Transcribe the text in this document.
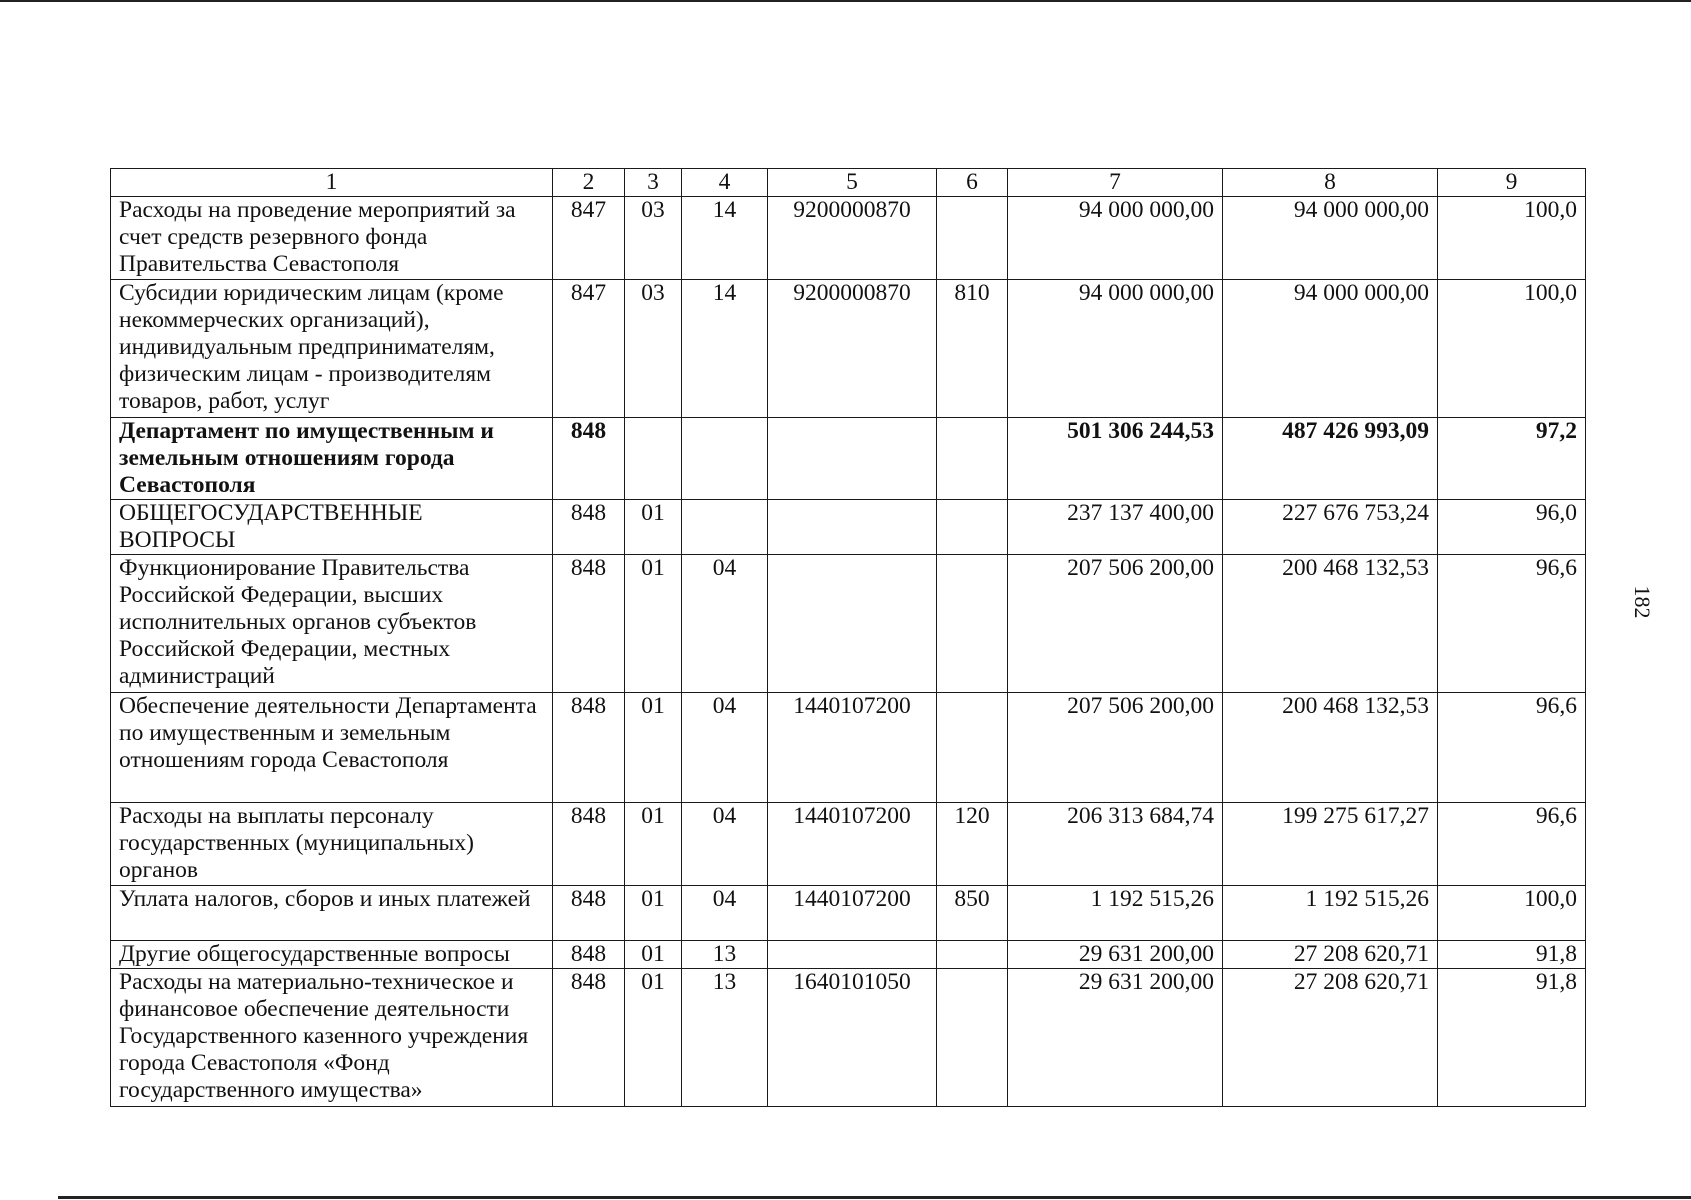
1	2	3	4	5	6	7	8	9
Расходы на проведение мероприятий за счет средств резервного фонда Правительства Севастополя	847	03	14	9200000870		94 000 000,00	94 000 000,00	100,0
Субсидии юридическим лицам (кроме некоммерческих организаций), индивидуальным предпринимателям, физическим лицам - производителям товаров, работ, услуг	847	03	14	9200000870	810	94 000 000,00	94 000 000,00	100,0
Департамент по имущественным и земельным отношениям города Севастополя	848					501 306 244,53	487 426 993,09	97,2
ОБЩЕГОСУДАРСТВЕННЫЕ ВОПРОСЫ	848	01				237 137 400,00	227 676 753,24	96,0
Функционирование Правительства Российской Федерации, высших исполнительных органов субъектов Российской Федерации, местных администраций	848	01	04			207 506 200,00	200 468 132,53	96,6
Обеспечение деятельности Департамента по имущественным и земельным отношениям города Севастополя	848	01	04	1440107200		207 506 200,00	200 468 132,53	96,6
Расходы на выплаты персоналу государственных (муниципальных) органов	848	01	04	1440107200	120	206 313 684,74	199 275 617,27	96,6
Уплата налогов, сборов и иных платежей	848	01	04	1440107200	850	1 192 515,26	1 192 515,26	100,0
Другие общегосударственные вопросы	848	01	13			29 631 200,00	27 208 620,71	91,8
Расходы на материально-техническое и финансовое обеспечение деятельности Государственного казенного учреждения города Севастополя «Фонд государственного имущества»	848	01	13	1640101050		29 631 200,00	27 208 620,71	91,8
182
